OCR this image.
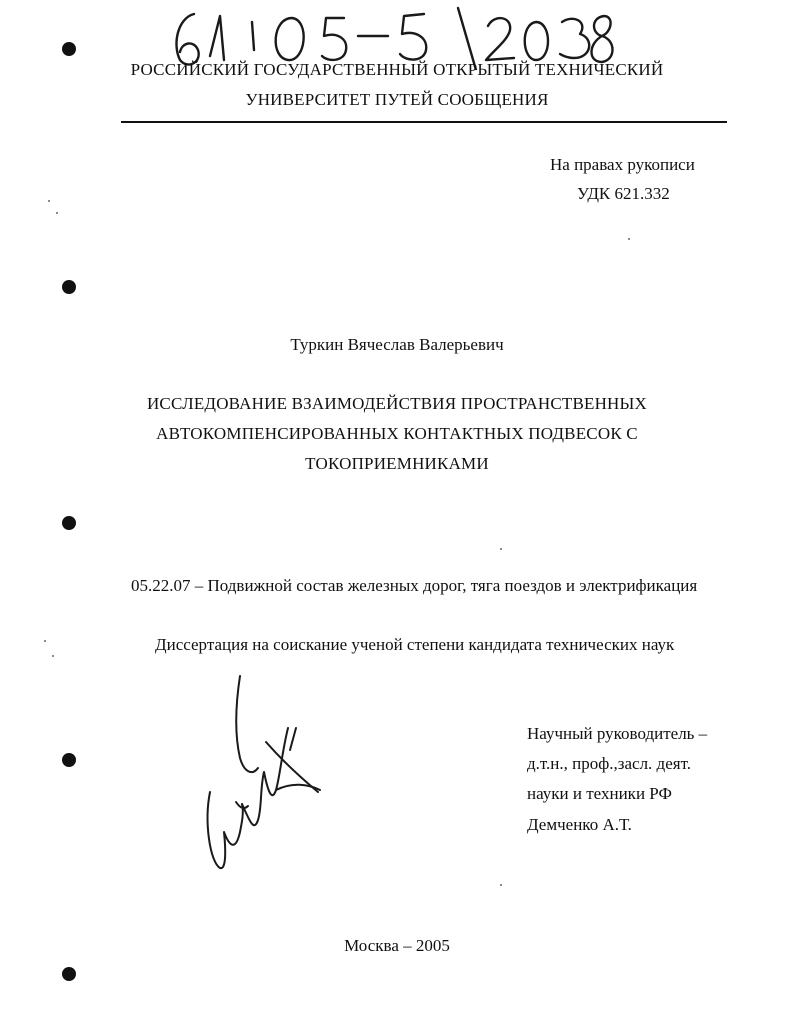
РОССИЙСКИЙ ГОСУДАРСТВЕННЫЙ ОТКРЫТЫЙ ТЕХНИЧЕСКИЙ
УНИВЕРСИТЕТ ПУТЕЙ СООБЩЕНИЯ
На правах рукописи
УДК 621.332
Туркин Вячеслав Валерьевич
ИССЛЕДОВАНИЕ ВЗАИМОДЕЙСТВИЯ ПРОСТРАНСТВЕННЫХ
АВТОКОМПЕНСИРОВАННЫХ КОНТАКТНЫХ ПОДВЕСОК С
ТОКОПРИЕМНИКАМИ
05.22.07 – Подвижной состав железных дорог, тяга поездов и электрификация
Диссертация на соискание ученой степени кандидата технических наук
Научный руководитель –
д.т.н., проф.,засл. деят.
науки и техники РФ
Демченко А.Т.
Москва – 2005
